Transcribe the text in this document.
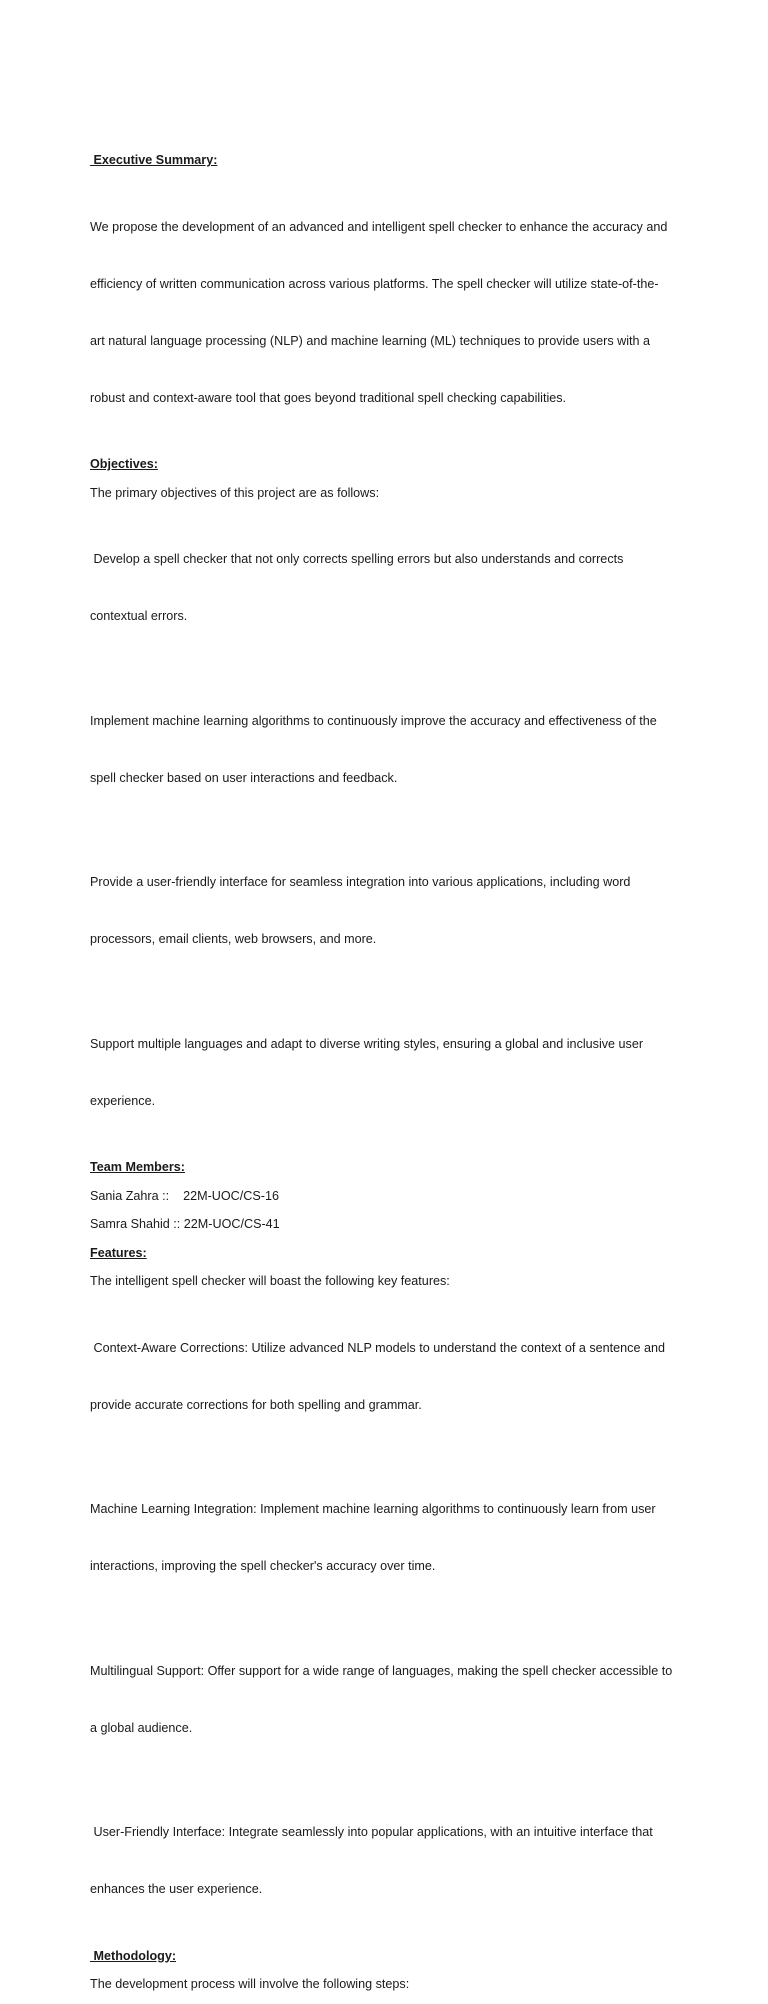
Executive Summary:

We propose the development of an advanced and intelligent spell checker to enhance the accuracy and

efficiency of written communication across various platforms. The spell checker will utilize state-of-the-

art natural language processing (NLP) and machine learning (ML) techniques to provide users with a

robust and context-aware tool that goes beyond traditional spell checking capabilities.

Objectives:
The primary objectives of this project are as follows:

Develop a spell checker that not only corrects spelling errors but also understands and corrects

contextual errors.

Implement machine learning algorithms to continuously improve the accuracy and effectiveness of the

spell checker based on user interactions and feedback.

Provide a user-friendly interface for seamless integration into various applications, including word

processors, email clients, web browsers, and more.

Support multiple languages and adapt to diverse writing styles, ensuring a global and inclusive user

experience.

Team Members:
Sania Zahra ::    22M-UOC/CS-16
Samra Shahid :: 22M-UOC/CS-41
Features:
The intelligent spell checker will boast the following key features:

Context-Aware Corrections: Utilize advanced NLP models to understand the context of a sentence and

provide accurate corrections for both spelling and grammar.

Machine Learning Integration: Implement machine learning algorithms to continuously learn from user

interactions, improving the spell checker's accuracy over time.

Multilingual Support: Offer support for a wide range of languages, making the spell checker accessible to

a global audience.

User-Friendly Interface: Integrate seamlessly into popular applications, with an intuitive interface that

enhances the user experience.

Methodology:
The development process will involve the following steps:
